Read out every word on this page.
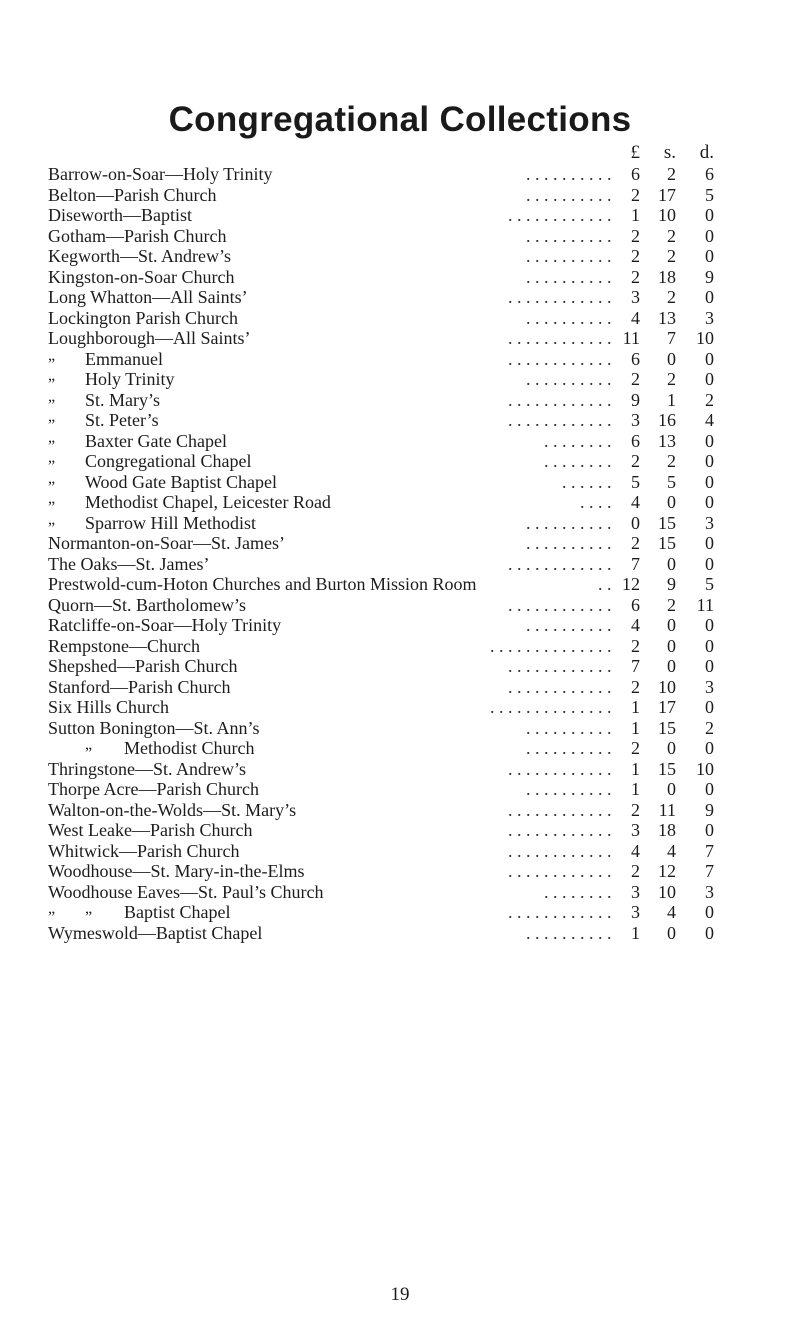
Congregational Collections
£	s.	d.
Barrow-on-Soar—Holy Trinity	. . . . . . . . . .	6	2	6
Belton—Parish Church	. . . . . . . . . .	2	17	5
Diseworth—Baptist	. . . . . . . . . . . .	1	10	0
Gotham—Parish Church	. . . . . . . . . .	2	2	0
Kegworth—St. Andrew’s	. . . . . . . . . .	2	2	0
Kingston-on-Soar Church	. . . . . . . . . .	2	18	9
Long Whatton—All Saints’	. . . . . . . . . . . .	3	2	0
Lockington Parish Church	. . . . . . . . . .	4	13	3
Loughborough—All Saints’	. . . . . . . . . . . . 11	7	10
„ Emmanuel	. . . . . . . . . . . .	6	0	0
„ Holy Trinity	. . . . . . . . . .	2	2	0
„ St. Mary’s	. . . . . . . . . . . .	9	1	2
„ St. Peter’s	. . . . . . . . . . . .	3	16	4
„ Baxter Gate Chapel	. . . . . . . .	6	13	0
„ Congregational Chapel	. . . . . . . .	2	2	0
„ Wood Gate Baptist Chapel	. . . . . .	5	5	0
„ Methodist Chapel, Leicester Road	. . . .	4	0	0
„ Sparrow Hill Methodist	. . . . . . . . . .	0	15	3
Normanton-on-Soar—St. James’	. . . . . . . . . .	2	15	0
The Oaks—St. James’	. . . . . . . . . . . .	7	0	0
Prestwold-cum-Hoton Churches and Burton Mission Room	. . 12	9	5
Quorn—St. Bartholomew’s	. . . . . . . . . . . .	6	2	11
Ratcliffe-on-Soar—Holy Trinity	. . . . . . . . . .	4	0	0
Rempstone—Church	. . . . . . . . . . . . . .	2	0	0
Shepshed—Parish Church	. . . . . . . . . . . .	7	0	0
Stanford—Parish Church	. . . . . . . . . . . .	2	10	3
Six Hills Church	. . . . . . . . . . . . . .	1	17	0
Sutton Bonington—St. Ann’s	. . . . . . . . . .	1	15	2
„ Methodist Church	. . . . . . . . . .	2	0	0
Thringstone—St. Andrew’s	. . . . . . . . . . . .	1	15	10
Thorpe Acre—Parish Church	. . . . . . . . . .	1	0	0
Walton-on-the-Wolds—St. Mary’s	. . . . . . . . . . . .	2	11	9
West Leake—Parish Church	. . . . . . . . . . . .	3	18	0
Whitwick—Parish Church	. . . . . . . . . . . .	4	4	7
Woodhouse—St. Mary-in-the-Elms	. . . . . . . . . . . .	2	12	7
Woodhouse Eaves—St. Paul’s Church	. . . . . . . .	3	10	3
„ „ Baptist Chapel	. . . . . . . . . . . .	3	4	0
Wymeswold—Baptist Chapel	. . . . . . . . . .	1	0	0
19
